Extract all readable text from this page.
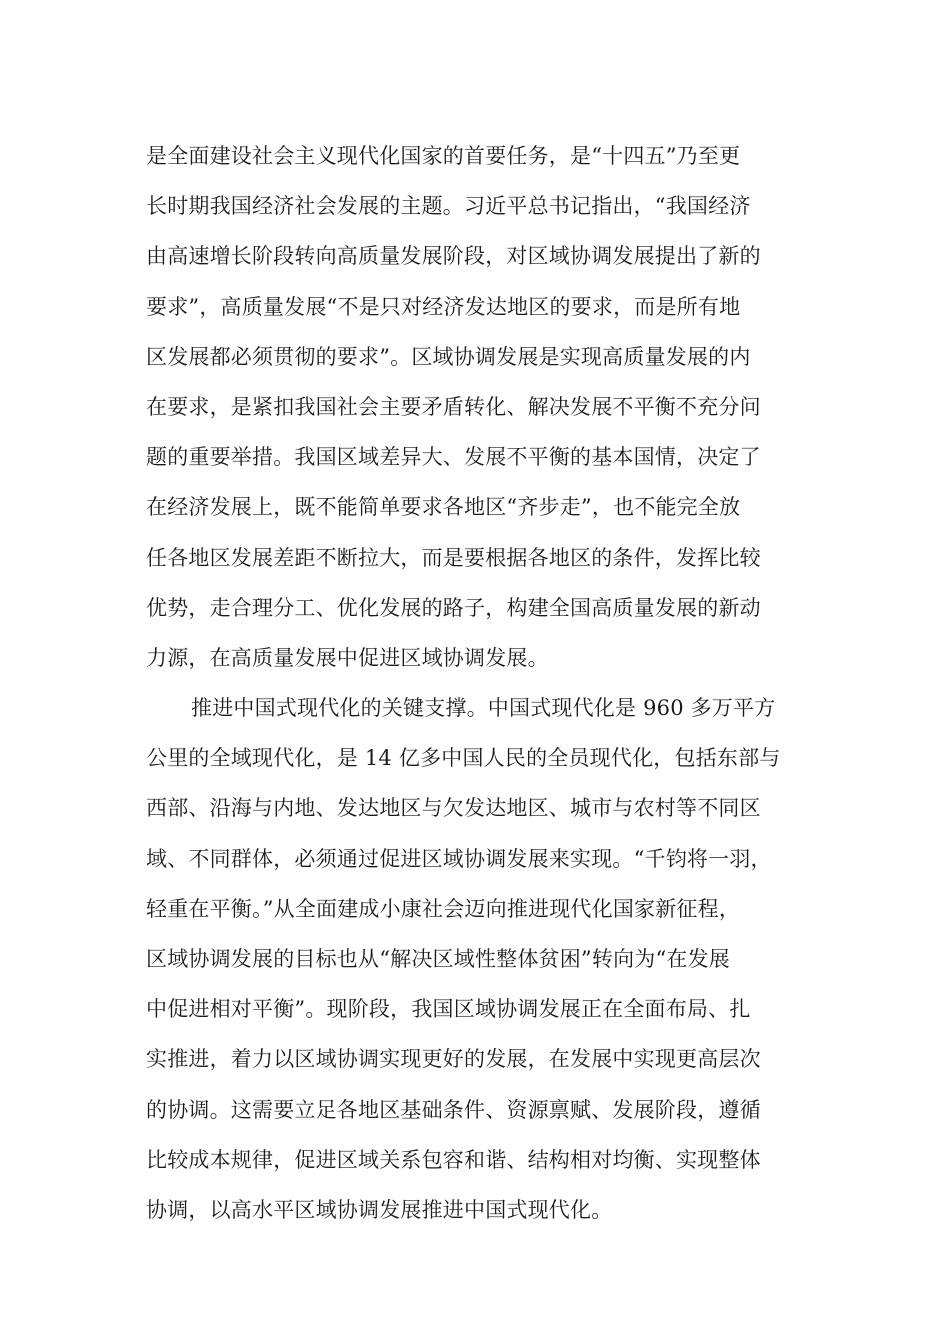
是全面建设社会主义现代化国家的首要任务，是“十四五”乃至更
长时期我国经济社会发展的主题。习近平总书记指出，“我国经济
由高速增长阶段转向高质量发展阶段，对区域协调发展提出了新的
要求”，高质量发展“不是只对经济发达地区的要求，而是所有地
区发展都必须贯彻的要求”。区域协调发展是实现高质量发展的内
在要求，是紧扣我国社会主要矛盾转化、解决发展不平衡不充分问
题的重要举措。我国区域差异大、发展不平衡的基本国情，决定了
在经济发展上，既不能简单要求各地区“齐步走”，也不能完全放
任各地区发展差距不断拉大，而是要根据各地区的条件，发挥比较
优势，走合理分工、优化发展的路子，构建全国高质量发展的新动
力源，在高质量发展中促进区域协调发展。
推进中国式现代化的关键支撑。中国式现代化是 960 多万平方
公里的全域现代化，是 14 亿多中国人民的全员现代化，包括东部与
西部、沿海与内地、发达地区与欠发达地区、城市与农村等不同区
域、不同群体，必须通过促进区域协调发展来实现。“千钧将一羽，
轻重在平衡。”从全面建成小康社会迈向推进现代化国家新征程，
区域协调发展的目标也从“解决区域性整体贫困”转向为“在发展
中促进相对平衡”。现阶段，我国区域协调发展正在全面布局、扎
实推进，着力以区域协调实现更好的发展，在发展中实现更高层次
的协调。这需要立足各地区基础条件、资源禀赋、发展阶段，遵循
比较成本规律，促进区域关系包容和谐、结构相对均衡、实现整体
协调，以高水平区域协调发展推进中国式现代化。
